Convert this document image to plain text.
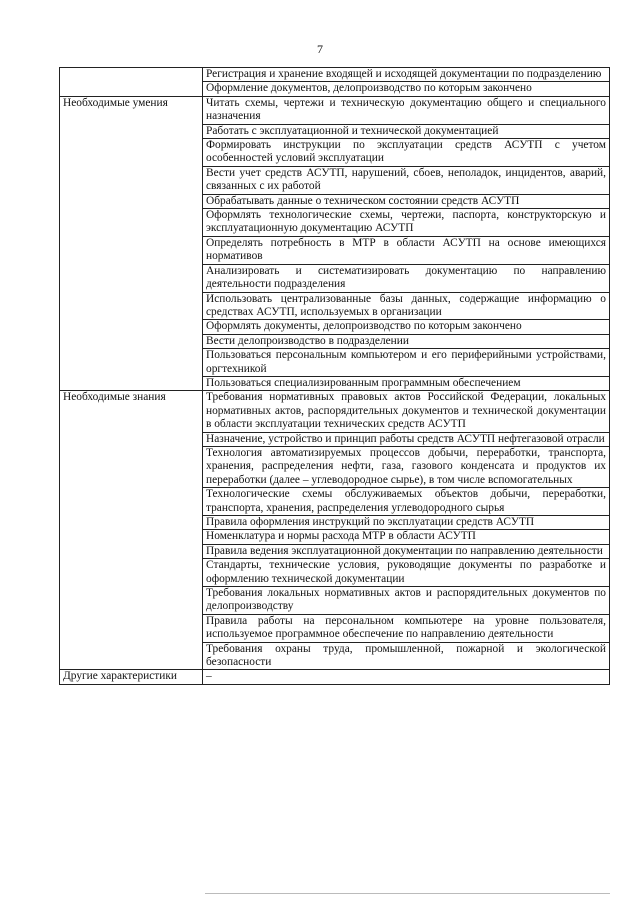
7
	Регистрация и хранение входящей и исходящей документации по подразделению
	Оформление документов, делопроизводство по которым закончено
Необходимые умения	Читать схемы, чертежи и техническую документацию общего и специального назначения
	Работать с эксплуатационной и технической документацией
	Формировать инструкции по эксплуатации средств АСУТП с учетом особенностей условий эксплуатации
	Вести учет средств АСУТП, нарушений, сбоев, неполадок, инцидентов, аварий, связанных с их работой
	Обрабатывать данные о техническом состоянии средств АСУТП
	Оформлять технологические схемы, чертежи, паспорта, конструкторскую и эксплуатационную документацию АСУТП
	Определять потребность в МТР в области АСУТП на основе имеющихся нормативов
	Анализировать и систематизировать документацию по направлению деятельности подразделения
	Использовать централизованные базы данных, содержащие информацию о средствах АСУТП, используемых в организации
	Оформлять документы, делопроизводство по которым закончено
	Вести делопроизводство в подразделении
	Пользоваться персональным компьютером и его периферийными устройствами, оргтехникой
	Пользоваться специализированным программным обеспечением
Необходимые знания	Требования нормативных правовых актов Российской Федерации, локальных нормативных актов, распорядительных документов и технической документации в области эксплуатации технических средств АСУТП
	Назначение, устройство и принцип работы средств АСУТП нефтегазовой отрасли
	Технология автоматизируемых процессов добычи, переработки, транспорта, хранения, распределения нефти, газа, газового конденсата и продуктов их переработки (далее – углеводородное сырье), в том числе вспомогательных
	Технологические схемы обслуживаемых объектов добычи, переработки, транспорта, хранения, распределения углеводородного сырья
	Правила оформления инструкций по эксплуатации средств АСУТП
	Номенклатура и нормы расхода МТР в области АСУТП
	Правила ведения эксплуатационной документации по направлению деятельности
	Стандарты, технические условия, руководящие документы по разработке и оформлению технической документации
	Требования локальных нормативных актов и распорядительных документов по делопроизводству
	Правила работы на персональном компьютере на уровне пользователя, используемое программное обеспечение по направлению деятельности
	Требования охраны труда, промышленной, пожарной и экологической безопасности
Другие характеристики	–
